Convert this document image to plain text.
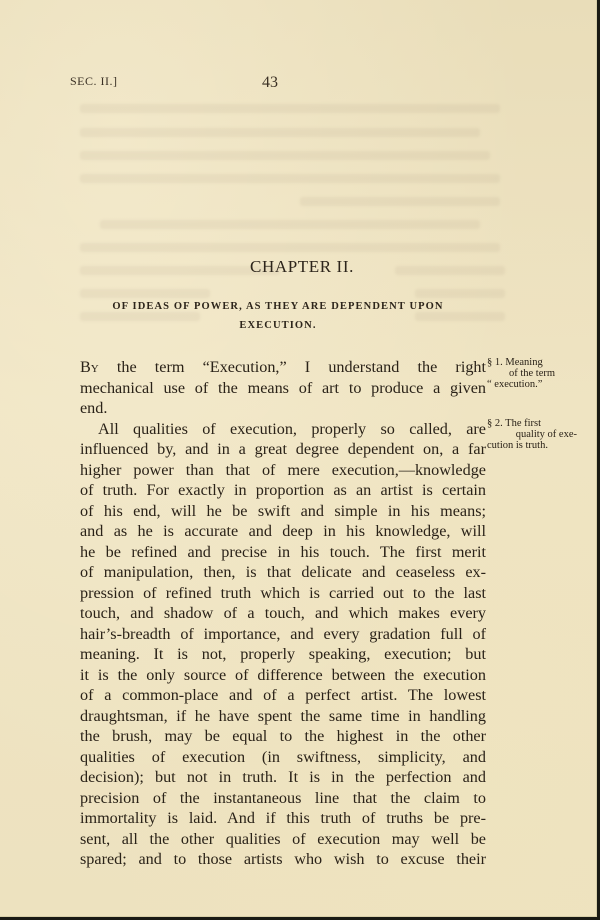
SEC. II.]	43
CHAPTER II.
OF IDEAS OF POWER, AS THEY ARE DEPENDENT UPON
EXECUTION.
By the term “Execution,” I understand the right
mechanical use of the means of art to produce a given
end.
All qualities of execution, properly so called, are
influenced by, and in a great degree dependent on, a far
higher power than that of mere execution,—knowledge
of truth. For exactly in proportion as an artist is certain
of his end, will he be swift and simple in his means;
and as he is accurate and deep in his knowledge, will
he be refined and precise in his touch. The first merit
of manipulation, then, is that delicate and ceaseless ex-
pression of refined truth which is carried out to the last
touch, and shadow of a touch, and which makes every
hair’s-breadth of importance, and every gradation full of
meaning. It is not, properly speaking, execution; but
it is the only source of difference between the execution
of a common-place and of a perfect artist. The lowest
draughtsman, if he have spent the same time in handling
the brush, may be equal to the highest in the other
qualities of execution (in swiftness, simplicity, and
decision); but not in truth. It is in the perfection and
precision of the instantaneous line that the claim to
immortality is laid. And if this truth of truths be pre-
sent, all the other qualities of execution may well be
spared; and to those artists who wish to excuse their
§ 1. Meaning
of the term
“ execution.”
§ 2. The first
quality of exe-
cution is truth.
